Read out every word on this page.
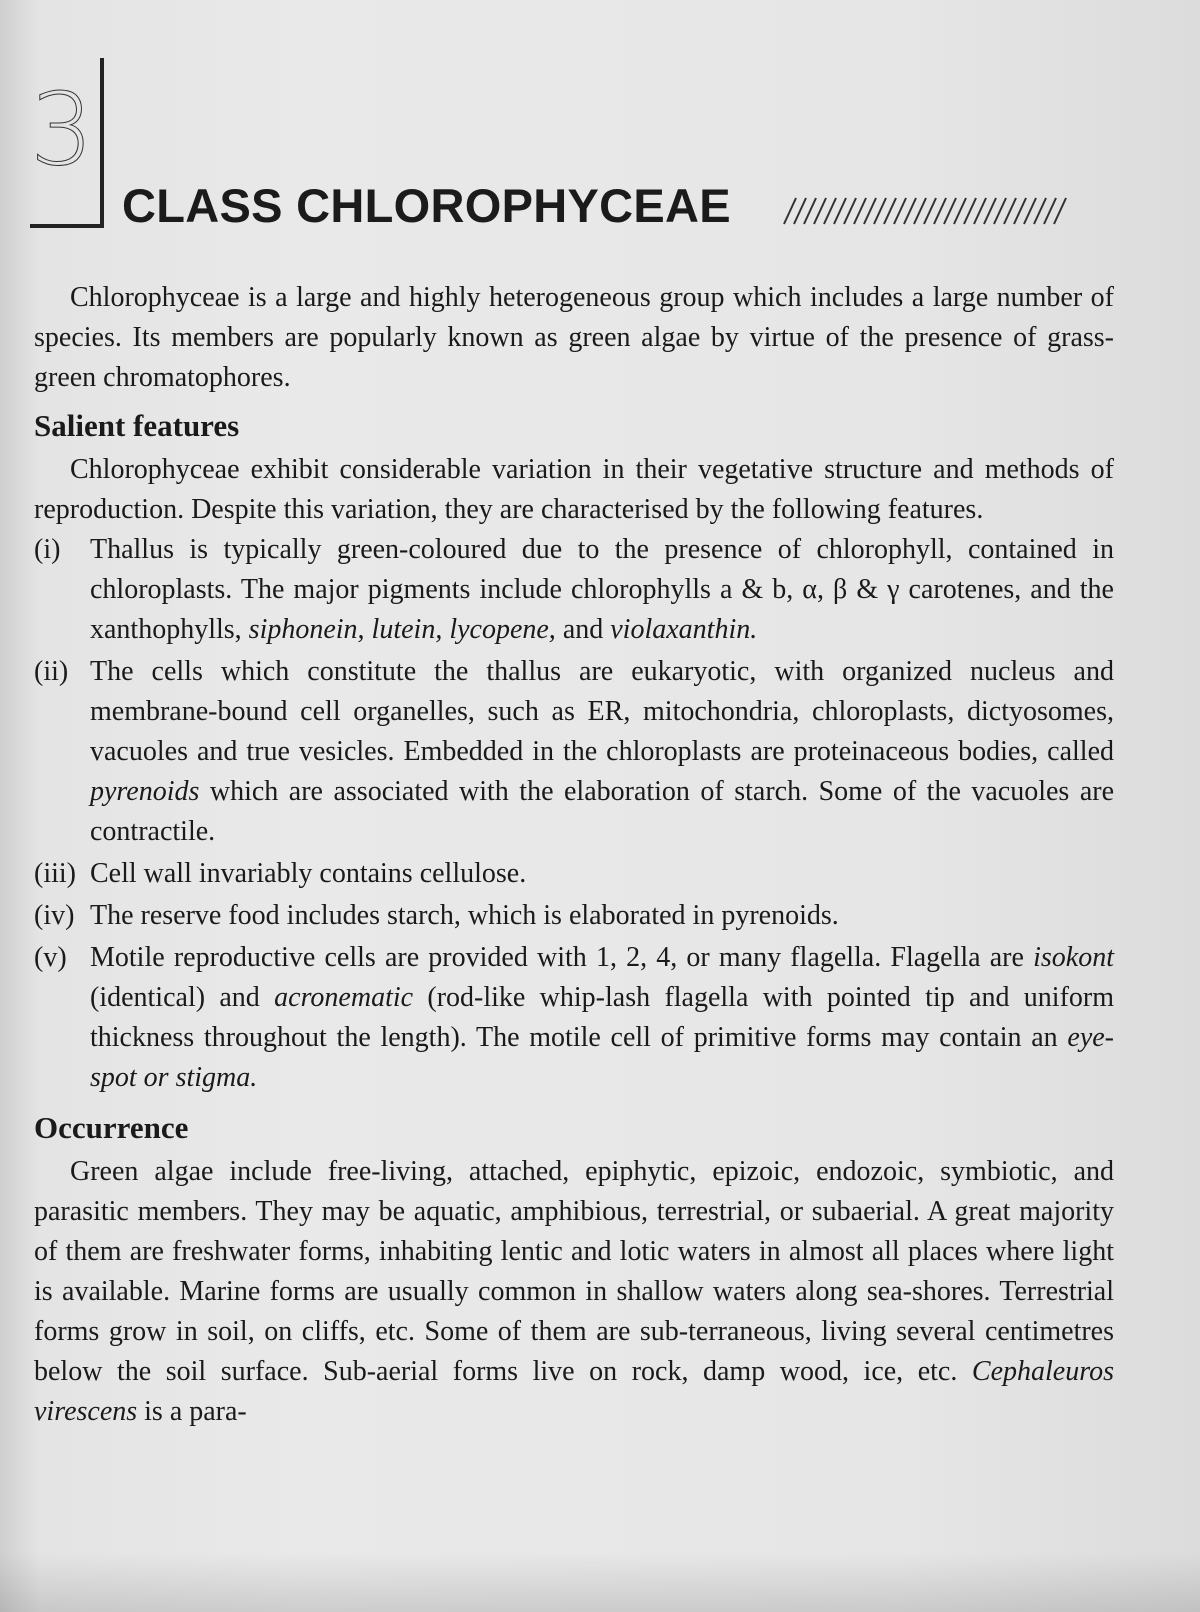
3
CLASS CHLOROPHYCEAE

Chlorophyceae is a large and highly heterogeneous group which includes a large number of species. Its members are popularly known as green algae by virtue of the presence of grass-green chromatophores.

Salient features

Chlorophyceae exhibit considerable variation in their vegetative structure and methods of reproduction. Despite this variation, they are characterised by the following features.

(i)	Thallus is typically green-coloured due to the presence of chlorophyll, contained in chloroplasts. The major pigments include chlorophylls a & b, α, β & γ carotenes, and the xanthophylls, siphonein, lutein, lycopene, and violaxanthin.
(ii) The cells which constitute the thallus are eukaryotic, with organized nucleus and membrane-bound cell organelles, such as ER, mitochondria, chloroplasts, dictyosomes, vacuoles and true vesicles. Embedded in the chloroplasts are proteinaceous bodies, called pyrenoids which are associated with the elaboration of starch. Some of the vacuoles are contractile.
(iii) Cell wall invariably contains cellulose.
(iv) The reserve food includes starch, which is elaborated in pyrenoids.
(v) Motile reproductive cells are provided with 1, 2, 4, or many flagella. Flagella are isokont (identical) and acronematic (rod-like whip-lash flagella with pointed tip and uniform thickness throughout the length). The motile cell of primitive forms may contain an eye-spot or stigma.
Occurrence

Green algae include free-living, attached, epiphytic, epizoic, endozoic, symbiotic, and parasitic members. They may be aquatic, amphibious, terrestrial, or subaerial. A great majority of them are freshwater forms, inhabiting lentic and lotic waters in almost all places where light is available. Marine forms are usually common in shallow waters along sea-shores. Terrestrial forms grow in soil, on cliffs, etc. Some of them are sub-terraneous, living several centimetres below the soil surface. Sub-aerial forms live on rock, damp wood, ice, etc. Cephaleuros virescens is a para-
